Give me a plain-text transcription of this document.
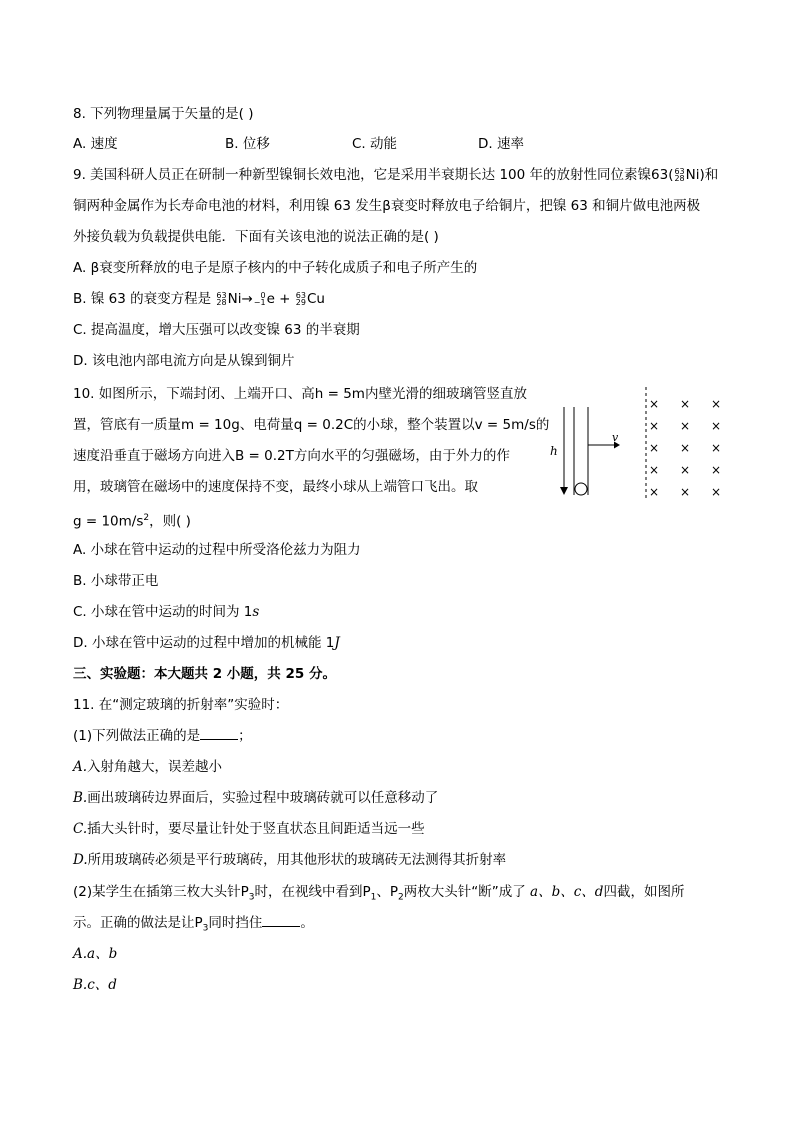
8. 下列物理量属于矢量的是( )
A. 速度	B. 位移	C. 动能	D. 速率
9. 美国科研人员正在研制一种新型镍铜长效电池，它是采用半衰期长达 100 年的放射性同位素镍63( 63
28 Ni)和
铜两种金属作为长寿命电池的材料，利用镍 63 发生β衰变时释放电子给铜片，把镍 63 和铜片做电池两极
外接负载为负载提供电能．下面有关该电池的说法正确的是( )
A. β衰变所释放的电子是原子核内的中子转化成质子和电子所产生的
B. 镍 63 的衰变方程是 63
28 Ni→ 0
−1 e + 63
29 Cu
C. 提高温度，增大压强可以改变镍 63 的半衰期
D. 该电池内部电流方向是从镍到铜片
10. 如图所示，下端封闭、上端开口、高h = 5m内壁光滑的细玻璃管竖直放
置，管底有一质量m = 10g、电荷量q = 0.2C的小球，整个装置以v = 5m/s的
速度沿垂直于磁场方向进入B = 0.2T方向水平的匀强磁场，由于外力的作
用，玻璃管在磁场中的速度保持不变，最终小球从上端管口飞出。取
$g = 10m/s^2$，则( )
h
v
× × ×
× × ×
× × ×
× × ×
× × ×
A. 小球在管中运动的过程中所受洛伦兹力为阻力
B. 小球带正电
C. 小球在管中运动的时间为 1s
D. 小球在管中运动的过程中增加的机械能 1J
三、实验题：本大题共 2 小题，共 25 分。
11. 在“测定玻璃的折射率”实验时：
(1)下列做法正确的是	；
A.入射角越大，误差越小
B.画出玻璃砖边界面后，实验过程中玻璃砖就可以任意移动了
C.插大头针时，要尽量让针处于竖直状态且间距适当远一些
D.所用玻璃砖必须是平行玻璃砖，用其他形状的玻璃砖无法测得其折射率
(2)某学生在插第三枚大头针$P_3$时，在视线中看到$P_1$、$P_2$两枚大头针“断”成了 a、b、c、d四截，如图所
示。正确的做法是让$P_3$同时挡住	。
A.a、b
B.c、d
